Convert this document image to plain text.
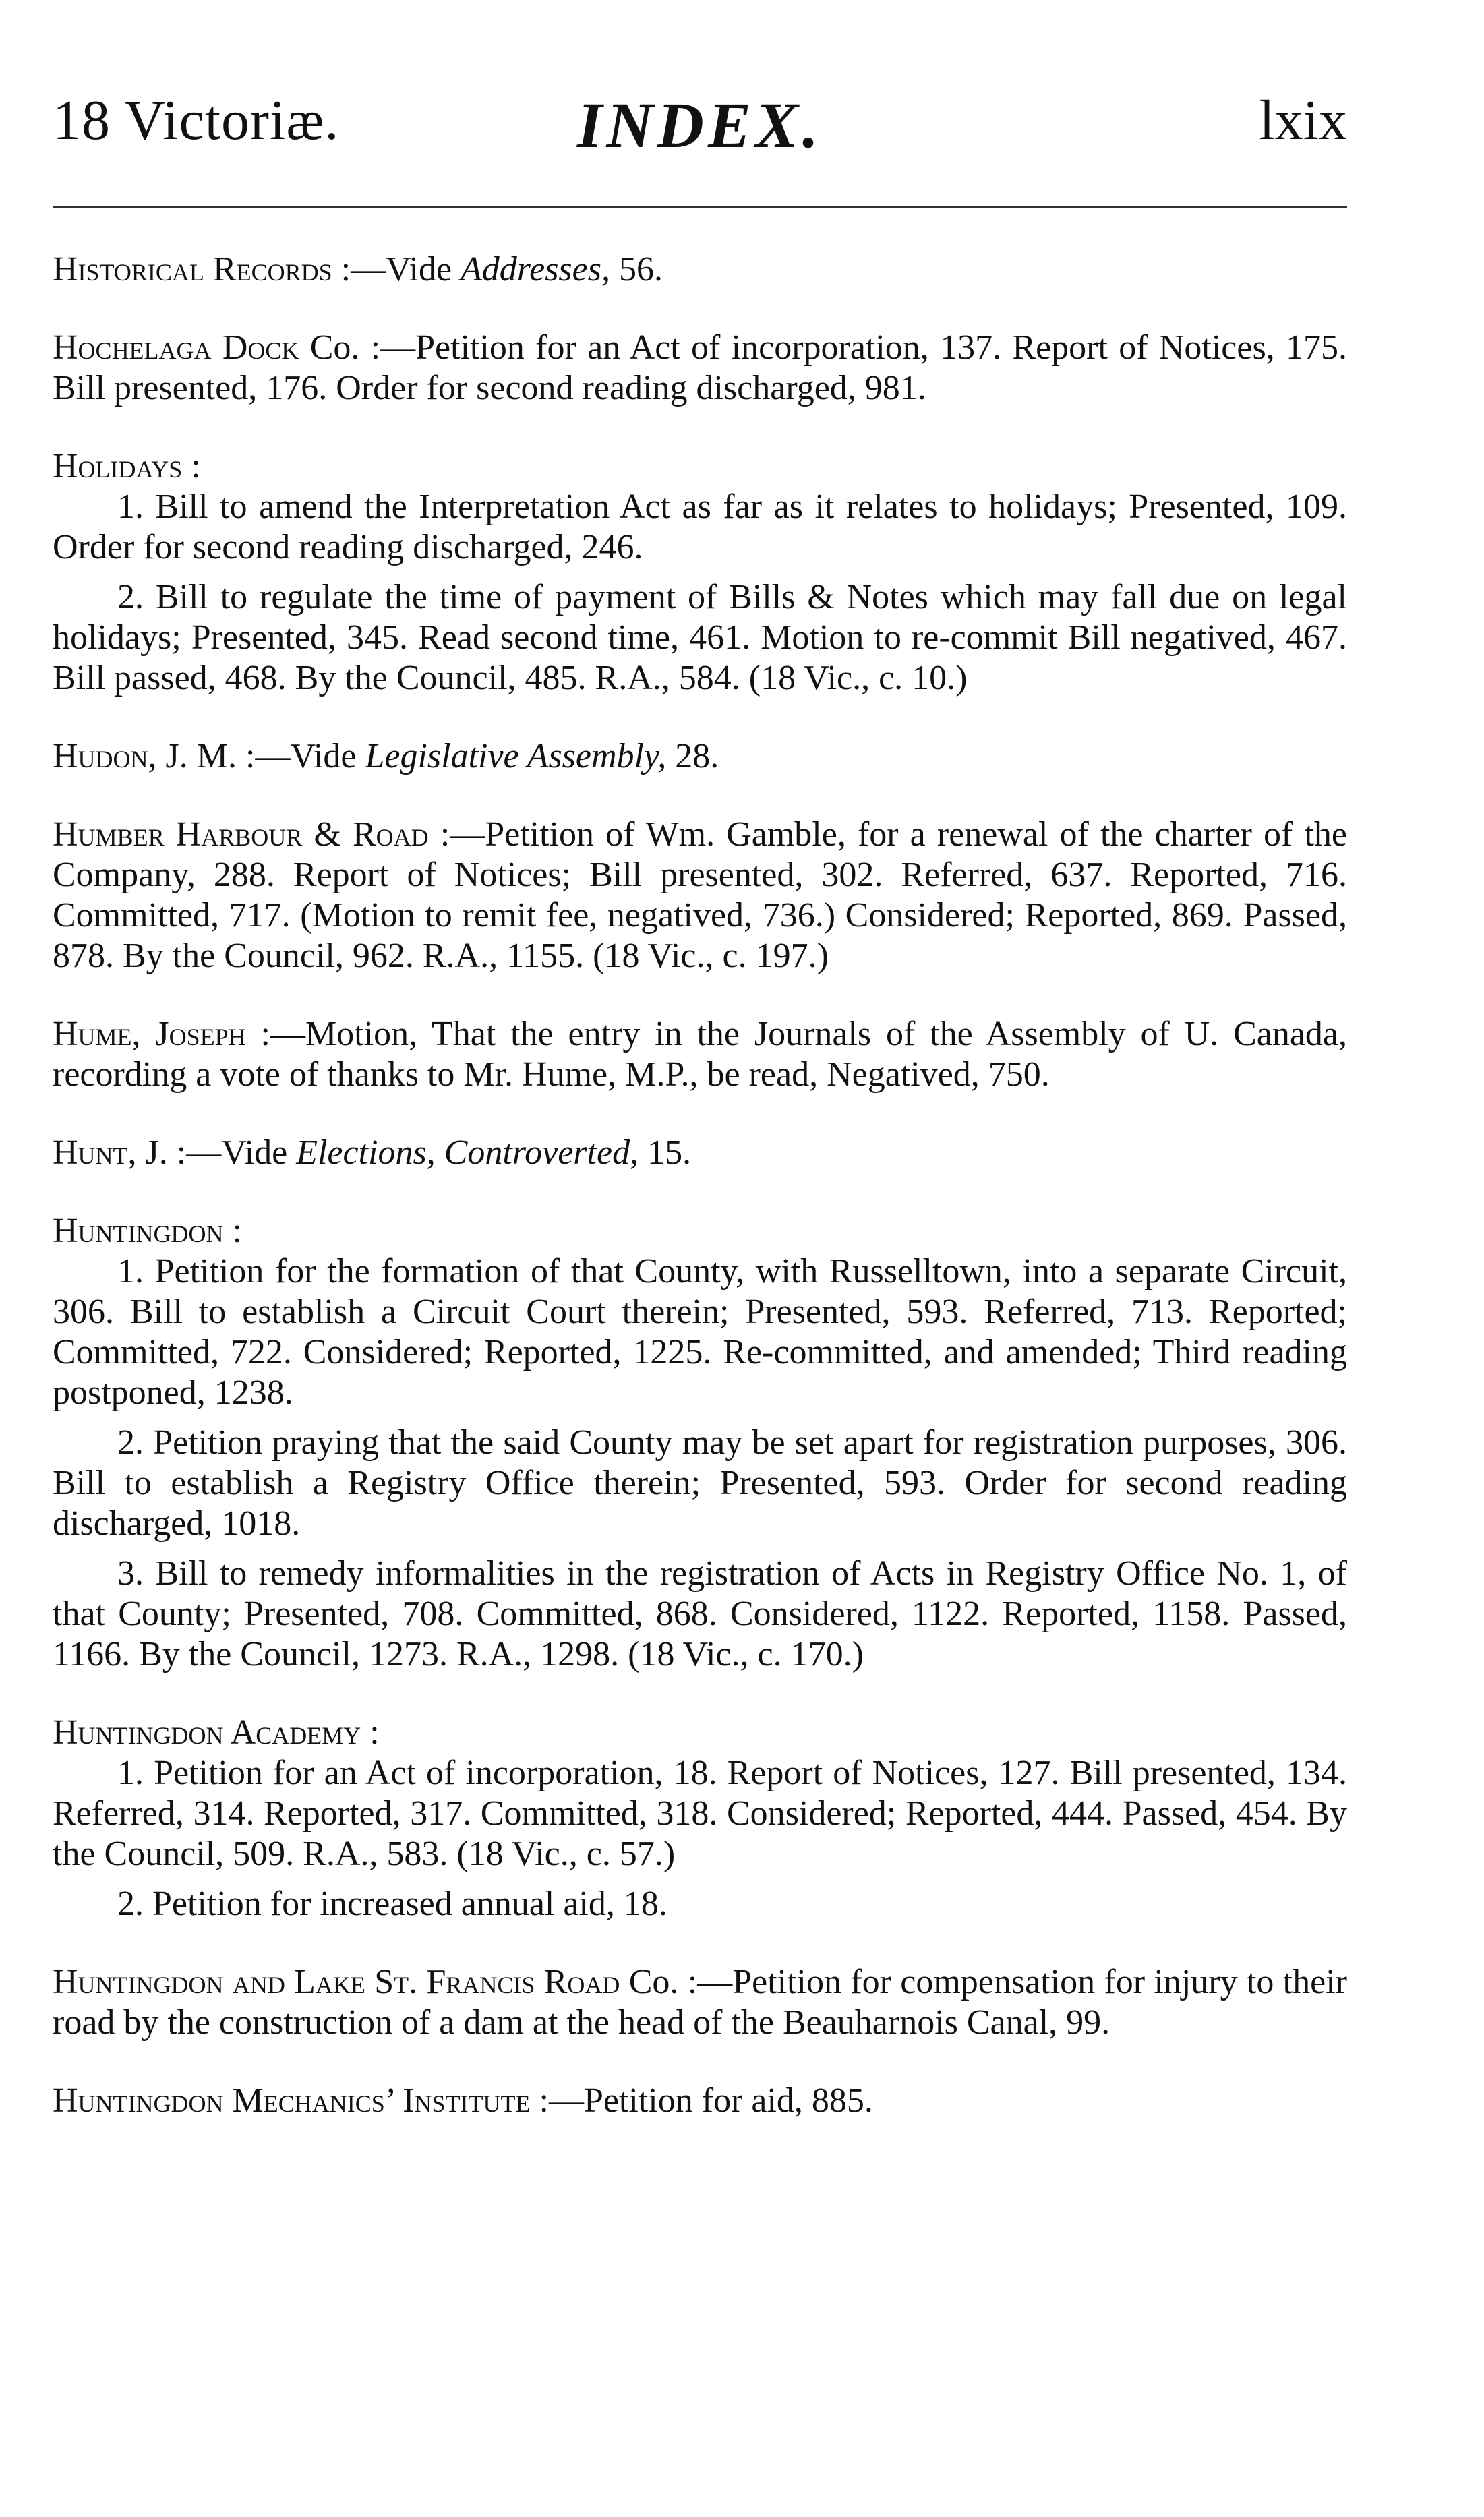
18 Victoriæ.	INDEX.	lxix

Historical Records :—Vide Addresses, 56.

Hochelaga Dock Co. :—Petition for an Act of incorporation, 137. Report of Notices, 175. Bill presented, 176. Order for second reading discharged, 981.

Holidays :

1. Bill to amend the Interpretation Act as far as it relates to holidays; Presented, 109. Order for second reading discharged, 246.

2. Bill to regulate the time of payment of Bills & Notes which may fall due on legal holidays; Presented, 345. Read second time, 461. Motion to re-commit Bill negatived, 467. Bill passed, 468. By the Council, 485. R.A., 584. (18 Vic., c. 10.)

Hudon, J. M. :—Vide Legislative Assembly, 28.

Humber Harbour & Road :—Petition of Wm. Gamble, for a renewal of the charter of the Company, 288. Report of Notices; Bill presented, 302. Referred, 637. Reported, 716. Committed, 717. (Motion to remit fee, negatived, 736.) Considered; Reported, 869. Passed, 878. By the Council, 962. R.A., 1155. (18 Vic., c. 197.)

Hume, Joseph :—Motion, That the entry in the Journals of the Assembly of U. Canada, recording a vote of thanks to Mr. Hume, M.P., be read, Negatived, 750.

Hunt, J. :—Vide Elections, Controverted, 15.

Huntingdon :

1. Petition for the formation of that County, with Russelltown, into a separate Circuit, 306. Bill to establish a Circuit Court therein; Presented, 593. Referred, 713. Reported; Committed, 722. Considered; Reported, 1225. Re-committed, and amended; Third reading postponed, 1238.

2. Petition praying that the said County may be set apart for registration purposes, 306. Bill to establish a Registry Office therein; Presented, 593. Order for second reading discharged, 1018.

3. Bill to remedy informalities in the registration of Acts in Registry Office No. 1, of that County; Presented, 708. Committed, 868. Considered, 1122. Reported, 1158. Passed, 1166. By the Council, 1273. R.A., 1298. (18 Vic., c. 170.)

Huntingdon Academy :

1. Petition for an Act of incorporation, 18. Report of Notices, 127. Bill presented, 134. Referred, 314. Reported, 317. Committed, 318. Considered; Reported, 444. Passed, 454. By the Council, 509. R.A., 583. (18 Vic., c. 57.)

2. Petition for increased annual aid, 18.

Huntingdon and Lake St. Francis Road Co. :—Petition for compensation for injury to their road by the construction of a dam at the head of the Beauharnois Canal, 99.

Huntingdon Mechanics’ Institute :—Petition for aid, 885.
